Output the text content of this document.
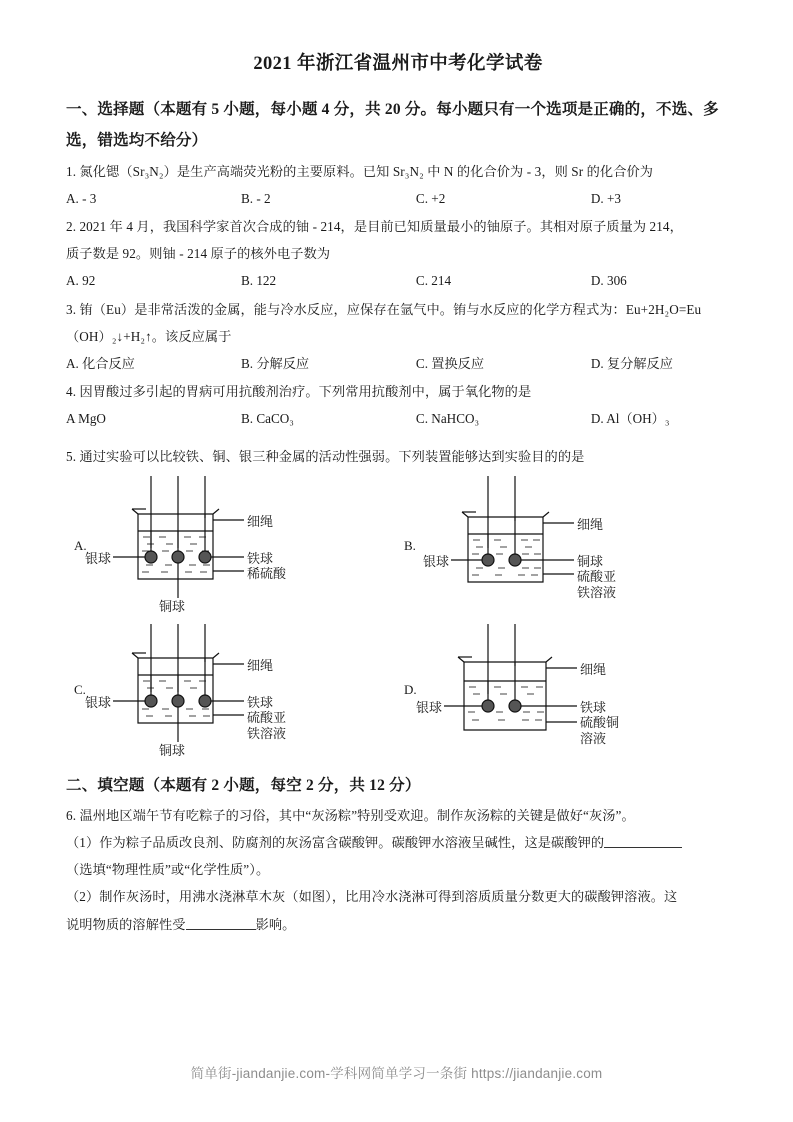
2021 年浙江省温州市中考化学试卷
一、选择题（本题有 5 小题，每小题 4 分，共 20 分。每小题只有一个选项是正确的，不选、多选，错选均不给分）

1. 氮化锶（Sr₃N₂）是生产高端荧光粉的主要原料。已知 Sr₃N₂ 中 N 的化合价为 - 3，则 Sr 的化合价为

A. - 3	B. - 2	C. +2	D. +3

2. 2021 年 4 月，我国科学家首次合成的铀 - 214，是目前已知质量最小的铀原子。其相对原子质量为 214，

质子数是 92。则铀 - 214 原子的核外电子数为

A. 92	B. 122	C. 214	D. 306

3. 铕（Eu）是非常活泼的金属，能与冷水反应，应保存在氩气中。铕与水反应的化学方程式为：Eu+2H₂O=Eu

（OH）₂↓+H₂↑。该反应属于

A. 化合反应	B. 分解反应	C. 置换反应	D. 复分解反应

4. 因胃酸过多引起的胃病可用抗酸剂治疗。下列常用抗酸剂中，属于氧化物的是

A MgO	B. CaCO₃	C. NaHCO₃	D. Al（OH）₃

5. 通过实验可以比较铁、铜、银三种金属的活动性强弱。下列装置能够达到实验目的的是

A.
银球
细绳
铁球
稀硫酸
铜球
B.
银球
细绳
铜球
硫酸亚
铁溶液
C.
银球
细绳
铁球
硫酸亚
铁溶液
铜球
D.
银球
细绳
铁球
硫酸铜
溶液
二、填空题（本题有 2 小题，每空 2 分，共 12 分）

6. 温州地区端午节有吃粽子的习俗，其中“灰汤粽”特别受欢迎。制作灰汤粽的关键是做好“灰汤”。

（1）作为粽子品质改良剂、防腐剂的灰汤富含碳酸钾。碳酸钾水溶液呈碱性，这是碳酸钾的

（选填“物理性质”或“化学性质”）。

（2）制作灰汤时，用沸水浇淋草木灰（如图），比用冷水浇淋可得到溶质质量分数更大的碳酸钾溶液。这

说明物质的溶解性受	影响。

简单街-jiandanjie.com-学科网简单学习一条街 https://jiandanjie.com
